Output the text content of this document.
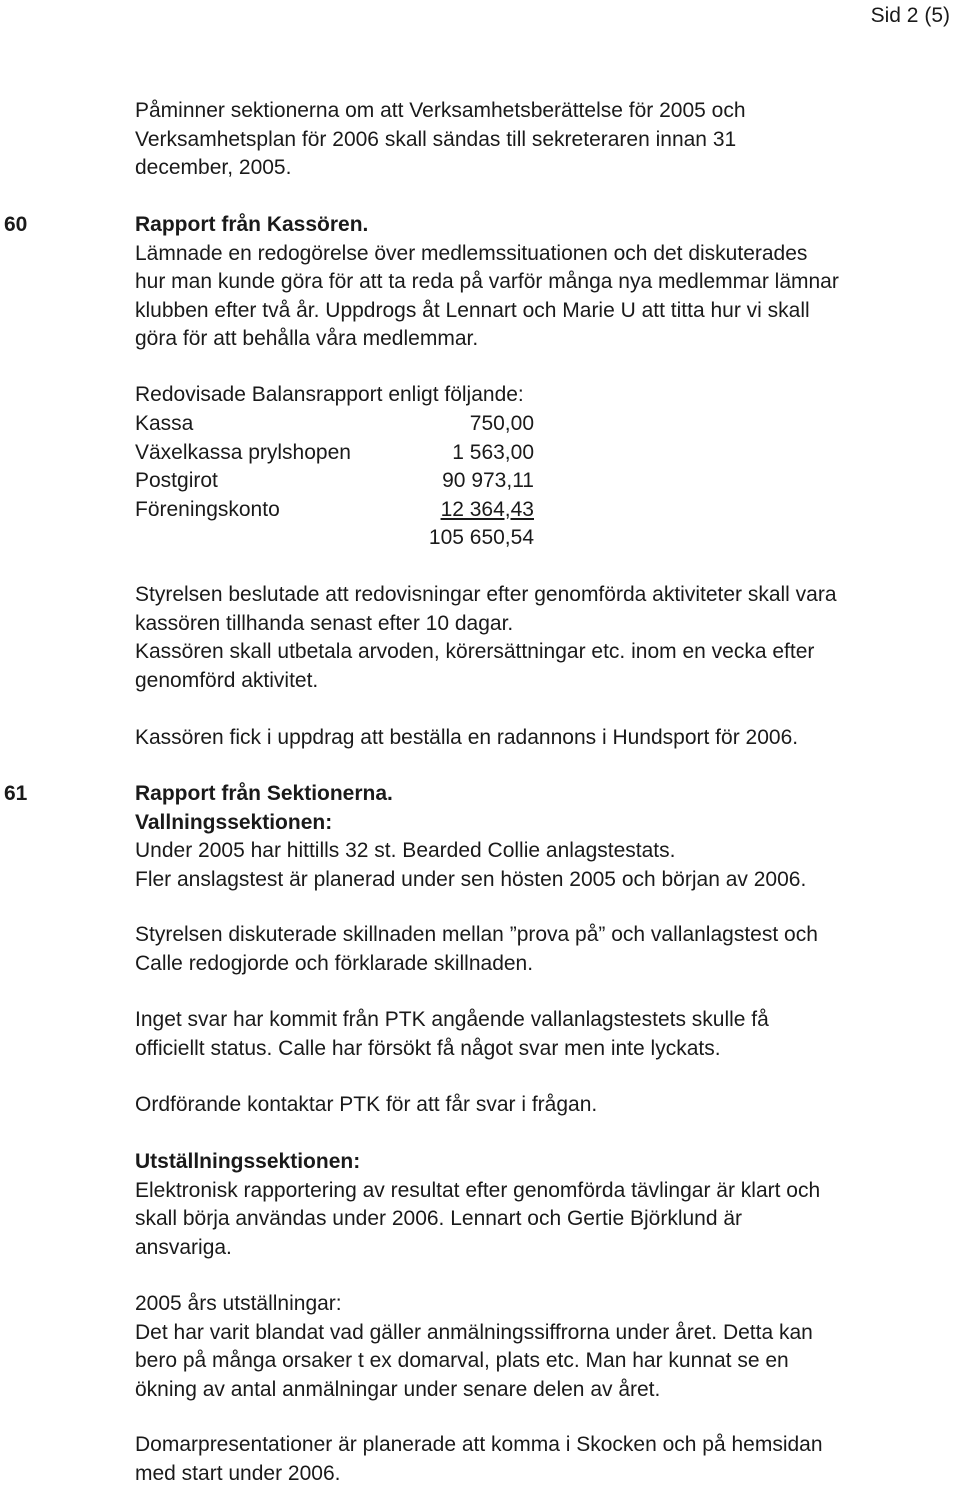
Sid 2 (5)
Påminner sektionerna om att Verksamhetsberättelse för 2005 och
Verksamhetsplan för 2006 skall sändas till sekreteraren innan 31
december, 2005.
60	Rapport från Kassören.
Lämnade en redogörelse över medlemssituationen och det diskuterades
hur man kunde göra för att ta reda på varför många nya medlemmar lämnar
klubben efter två år. Uppdrogs åt Lennart och Marie U att titta hur vi skall
göra för att behålla våra medlemmar.
Redovisade Balansrapport enligt följande:
Kassa	750,00
Växelkassa prylshopen	1 563,00
Postgirot	90 973,11
Föreningskonto	12 364,43
105 650,54
Styrelsen beslutade att redovisningar efter genomförda aktiviteter skall vara
kassören tillhanda senast efter 10 dagar.
Kassören skall utbetala arvoden, körersättningar etc. inom en vecka efter
genomförd aktivitet.
Kassören fick i uppdrag att beställa en radannons i Hundsport för 2006.
61	Rapport från Sektionerna.
Vallningssektionen:
Under 2005 har hittills 32 st. Bearded Collie anlagstestats.
Fler anslagstest är planerad under sen hösten 2005 och början av 2006.
Styrelsen diskuterade skillnaden mellan ”prova på” och vallanlagstest och
Calle redogjorde och förklarade skillnaden.
Inget svar har kommit från PTK angående vallanlagstestets skulle få
officiellt status. Calle har försökt få något svar men inte lyckats.
Ordförande kontaktar PTK för att får svar i frågan.
Utställningssektionen:
Elektronisk rapportering av resultat efter genomförda tävlingar är klart och
skall börja användas under 2006. Lennart och Gertie Björklund är
ansvariga.
2005 års utställningar:
Det har varit blandat vad gäller anmälningssiffrorna under året. Detta kan
bero på många orsaker t ex domarval, plats etc. Man har kunnat se en
ökning av antal anmälningar under senare delen av året.
Domarpresentationer är planerade att komma i Skocken och på hemsidan
med start under 2006.
